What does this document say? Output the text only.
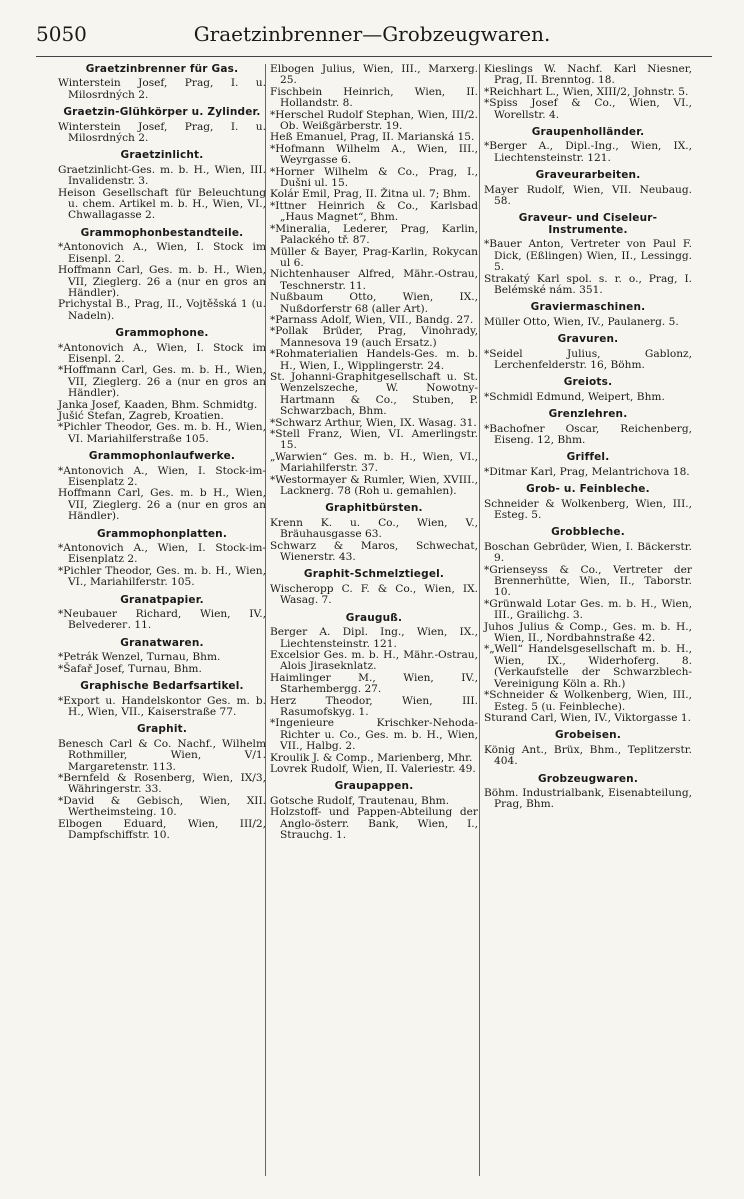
5050	Graetzinbrenner—Grobzeugwaren.
Graetzinbrenner für Gas.

Winterstein Josef, Prag, I. u. Milosrdných 2.

Graetzin-Glühkörper u. Zylinder.

Winterstein Josef, Prag, I. u. Milosrdných 2.

Graetzinlicht.

Graetzinlicht-Ges. m. b. H., Wien, III. Invalidenstr. 3.

Heison Gesellschaft für Beleuchtung u. chem. Artikel m. b. H., Wien, VI., Chwallagasse 2.

Grammophonbestandteile.

*Antonovich A., Wien, I. Stock im Eisenpl. 2.

Hoffmann Carl, Ges. m. b. H., Wien, VII, Zieglerg. 26 a (nur en gros an Händler).

Prichystal B., Prag, II., Vojtěšská 1 (u. Nadeln).

Grammophone.

*Antonovich A., Wien, I. Stock im Eisenpl. 2.

*Hoffmann Carl, Ges. m. b. H., Wien, VII, Zieglerg. 26 a (nur en gros an Händler).

Janka Josef, Kaaden, Bhm. Schmidtg.

Jušić Stefan, Zagreb, Kroatien.

*Pichler Theodor, Ges. m. b. H., Wien, VI. Mariahilferstraße 105.

Grammophonlaufwerke.

*Antonovich A., Wien, I. Stock-im-Eisenplatz 2.

Hoffmann Carl, Ges. m. b H., Wien, VII, Zieglerg. 26 a (nur en gros an Händler).

Grammophonplatten.

*Antonovich A., Wien, I. Stock-im-Eisenplatz 2.

*Pichler Theodor, Ges. m. b. H., Wien, VI., Mariahilferstr. 105.

Granatpapier.

*Neubauer Richard, Wien, IV., Belvederег. 11.

Granatwaren.

*Petrák Wenzel, Turnau, Bhm.

*Šafař Josef, Turnau, Bhm.

Graphische Bedarfsartikel.

*Export u. Handelskontor Ges. m. b. H., Wien, VII., Kaiserstraße 77.

Graphit.

Benesch Carl & Co. Nachf., Wilhelm Rothmiller, Wien, V/1. Margaretenstr. 113.

*Bernfeld & Rosenberg, Wien, IX/3, Währingerstr. 33.

*David & Gebisch, Wien, XII. Wertheimsteing. 10.

Elbogen Eduard, Wien, III/2, Dampfschiffstr. 10.

Elbogen Julius, Wien, III., Marxerg. 25.

Fischbein Heinrich, Wien, II. Hollandstr. 8.

*Herschel Rudolf Stephan, Wien, III/2. Ob. Weißgärberstr. 19.

Heß Emanuel, Prag, II. Marianská 15.

*Hofmann Wilhelm A., Wien, III., Weyrgasse 6.

*Horner Wilhelm & Co., Prag, I., Dušni ul. 15.

Kolár Emil, Prag, II. Žitna ul. 7; Bhm.

*Ittner Heinrich & Co., Karlsbad „Haus Magnet“, Bhm.

*Mineralia, Lederer, Prag, Karlin, Palackého tř. 87.

Müller & Bayer, Prag-Karlin, Rokycan ul 6.

Nichtenhauser Alfred, Mähr.-Ostrau, Teschnerstr. 11.

Nußbaum Otto, Wien, IX., Nußdorferstr 68 (aller Art).

*Parnass Adolf, Wien, VII., Bandg. 27.

*Pollak Brüder, Prag, Vinohrady, Mannesova 19 (auch Ersatz.)

*Rohmaterialien Handels-Ges. m. b. H., Wien, I., Wipplingerstr. 24.

St. Johanni-Graphitgesellschaft u. St. Wenzelszeche, W. Nowotny-Hartmann & Co., Stuben, P. Schwarzbach, Bhm.

*Schwarz Arthur, Wien, IX. Wasag. 31.

*Stell Franz, Wien, VI. Amerlingstr. 15.

„Warwien“ Ges. m. b. H., Wien, VI., Mariahilferstr. 37.

*Westormayer & Rumler, Wien, XVIII., Lacknerg. 78 (Roh u. gemahlen).

Graphitbürsten.

Krenn K. u. Co., Wien, V., Bräuhausgasse 63.

Schwarz & Maros, Schwechat, Wienerstr. 43.

Graphit-Schmelztiegel.

Wischeropp C. F. & Co., Wien, IX. Wasag. 7.

Grauguß.

Berger A. Dipl. Ing., Wien, IX., Liechtensteinstr. 121.

Excelsior Ges. m. b. H., Mähr.-Ostrau, Alois Jiraseknlatz.

Haimlinger M., Wien, IV., Starhembergg. 27.

Herz Theodor, Wien, III. Rasumofskyg. 1.

*Ingenieure Krischker-Nehoda-Richter u. Co., Ges. m. b. H., Wien, VII., Halbg. 2.

Kroulik J. & Comp., Marienberg, Mhr.

Lovrek Rudolf, Wien, II. Valeriestr. 49.

Graupappen.

Gotsche Rudolf, Trautenau, Bhm.

Holzstoff- und Pappen-Abteilung der Anglo-österr. Bank, Wien, I., Strauchg. 1.

Kieslings W. Nachf. Karl Niesner, Prag, II. Brenntog. 18.

*Reichhart L., Wien, XIII/2, Johnstr. 5.

*Spiss Josef & Co., Wien, VI., Worellstr. 4.

Graupenholländer.

*Berger A., Dipl.-Ing., Wien, IX., Liechtensteinstr. 121.

Graveurarbeiten.

Mayer Rudolf, Wien, VII. Neubaug. 58.

Graveur- und Ciseleur-Instrumente.

*Bauer Anton, Vertreter von Paul F. Dick, (Eßlingen) Wien, II., Lessingg. 5.

Strakatý Karl spol. s. r. o., Prag, I. Belémské nám. 351.

Graviermaschinen.

Müller Otto, Wien, IV., Paulanerg. 5.

Gravuren.

*Seidel Julius, Gablonz, Lerchenfelderstr. 16, Böhm.

Greiots.

*Schmidl Edmund, Weipert, Bhm.

Grenzlehren.

*Bachofner Oscar, Reichenberg, Eiseng. 12, Bhm.

Griffel.

*Ditmar Karl, Prag, Melantrichova 18.

Grob- u. Feinbleche.

Schneider & Wolkenberg, Wien, III., Esteg. 5.

Grobbleche.

Boschan Gebrüder, Wien, I. Bäckerstr. 9.

*Grienseyss & Co., Vertreter der Brennerhütte, Wien, II., Taborstr. 10.

*Grünwald Lotar Ges. m. b. H., Wien, III., Grailichg. 3.

Juhos Julius & Comp., Ges. m. b. H., Wien, II., Nordbahnstraße 42.

*„Well“ Handelsgesellschaft m. b. H., Wien, IX., Widerhoferg. 8. (Verkaufstelle der Schwarzblech-Vereinigung Köln a. Rh.)

*Schneider & Wolkenberg, Wien, III., Esteg. 5 (u. Feinbleche).

Sturand Carl, Wien, IV., Viktorgasse 1.

Grobeisen.

König Ant., Brüx, Bhm., Teplitzerstr. 404.

Grobzeugwaren.

Böhm. Industrialbank, Eisenabteilung, Prag, Bhm.
